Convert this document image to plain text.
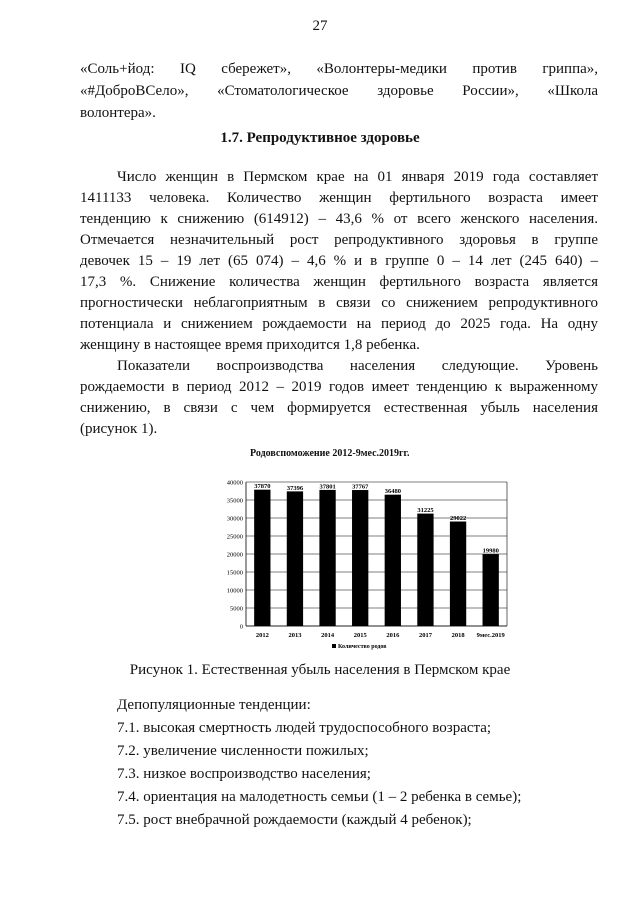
27
«Соль+йод: IQ сбережет», «Волонтеры-медики против гриппа»,
«#ДоброВСело», «Стоматологическое здоровье России», «Школа
волонтера».
1.7. Репродуктивное здоровье
Число женщин в Пермском крае на 01 января 2019 года составляет
1411133 человека. Количество женщин фертильного возраста имеет
тенденцию к снижению (614912) – 43,6 % от всего женского населения.
Отмечается незначительный рост репродуктивного здоровья в группе
девочек 15 – 19 лет (65 074) – 4,6 % и в группе 0 – 14 лет (245 640) –
17,3 %. Снижение количества женщин фертильного возраста является
прогностически неблагоприятным в связи со снижением репродуктивного
потенциала и снижением рождаемости на период до 2025 года. На одну
женщину в настоящее время приходится 1,8 ребенка.
Показатели воспроизводства населения следующие. Уровень
рождаемости в период 2012 – 2019 годов имеет тенденцию к выраженному
снижению, в связи с чем формируется естественная убыль населения
(рисунок 1).
Родовспоможение 2012-9мес.2019гг.
37870	37396	37801	37767
36480
31225
29022
19980
0
5000
10000
15000
20000
25000
30000
35000
40000
2012	2013	2014	2015	2016	2017	2018 9мес.2019
Количество родов
Рисунок 1. Естественная убыль населения в Пермском крае
Депопуляционные тенденции:
7.1. высокая смертность людей трудоспособного возраста;
7.2. увеличение численности пожилых;
7.3. низкое воспроизводство населения;
7.4. ориентация на малодетность семьи (1 – 2 ребенка в семье);
7.5. рост внебрачной рождаемости (каждый 4 ребенок);
